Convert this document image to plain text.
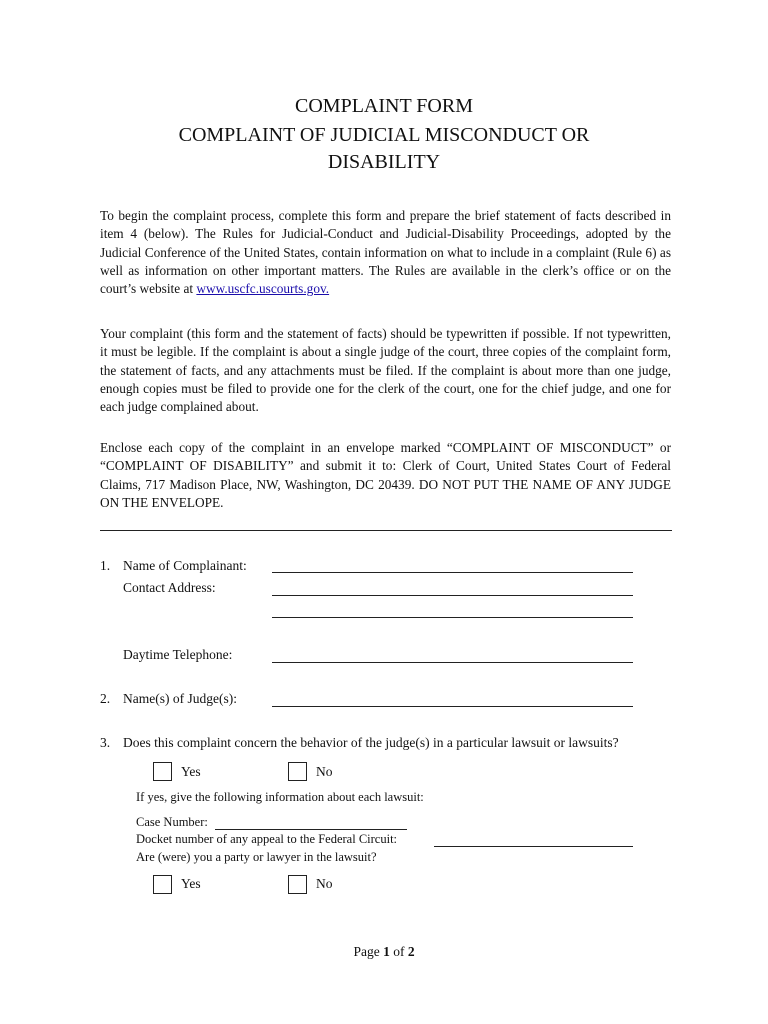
COMPLAINT FORM
COMPLAINT OF JUDICIAL MISCONDUCT OR
DISABILITY

To begin the complaint process, complete this form and prepare the brief statement of facts described in item 4 (below). The Rules for Judicial-Conduct and Judicial-Disability Proceedings, adopted by the Judicial Conference of the United States, contain information on what to include in a complaint (Rule 6) as well as information on other important matters. The Rules are available in the clerk’s office or on the court’s website at www.uscfc.uscourts.gov.

Your complaint (this form and the statement of facts) should be typewritten if possible. If not typewritten, it must be legible. If the complaint is about a single judge of the court, three copies of the complaint form, the statement of facts, and any attachments must be filed. If the complaint is about more than one judge, enough copies must be filed to provide one for the clerk of the court, one for the chief judge, and one for each judge complained about.

Enclose each copy of the complaint in an envelope marked “COMPLAINT OF MISCONDUCT” or “COMPLAINT OF DISABILITY” and submit it to: Clerk of Court, United States Court of Federal Claims, 717 Madison Place, NW, Washington, DC 20439. DO NOT PUT THE NAME OF ANY JUDGE ON THE ENVELOPE.

1. Name of Complainant:
Contact Address:
Daytime Telephone:
2. Name(s) of Judge(s):
3. Does this complaint concern the behavior of the judge(s) in a particular lawsuit or lawsuits?
Yes	No
If yes, give the following information about each lawsuit:
Case Number:
Docket number of any appeal to the Federal Circuit:
Are (were) you a party or lawyer in the lawsuit?
Yes	No
Page 1 of 2
